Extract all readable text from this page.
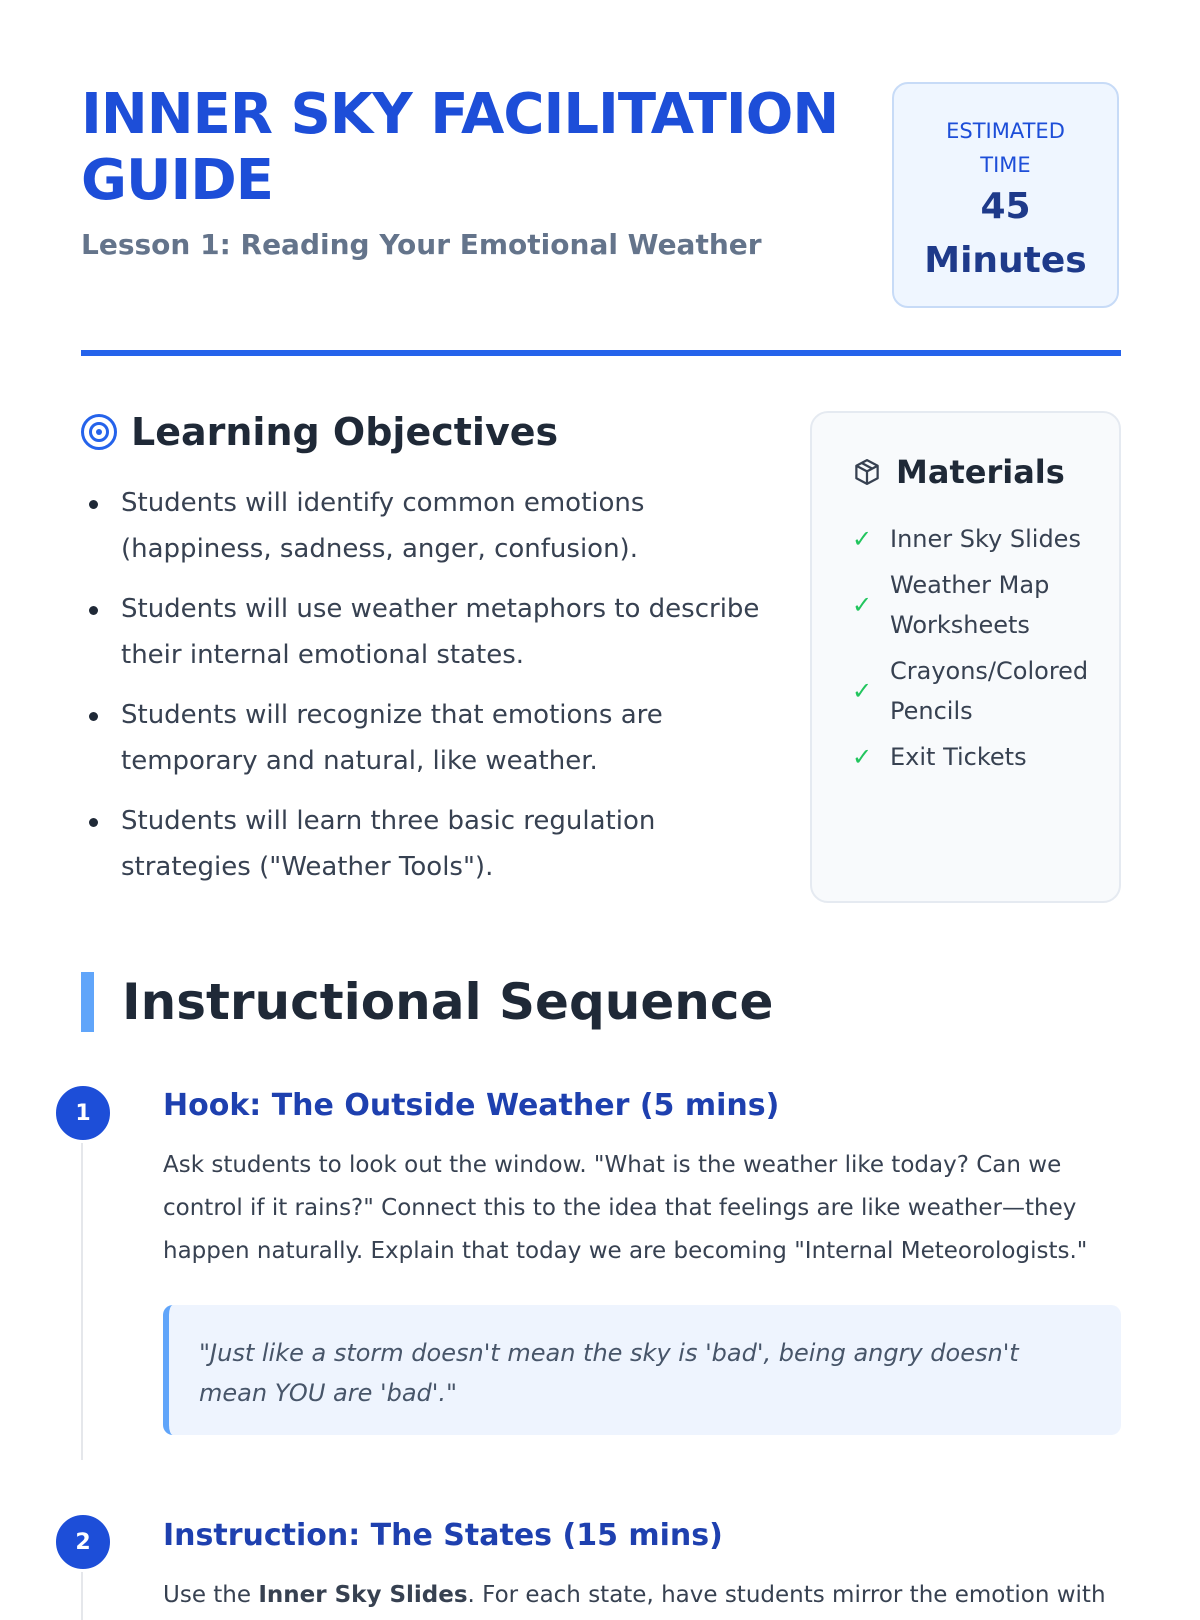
INNER SKY FACILITATION GUIDE

Lesson 1: Reading Your Emotional Weather

ESTIMATED TIME
45 Minutes
Learning Objectives
Students will identify common emotions (happiness, sadness, anger, confusion).
Students will use weather metaphors to describe their internal emotional states.
Students will recognize that emotions are temporary and natural, like weather.
Students will learn three basic regulation strategies ("Weather Tools").
Materials
✓ Inner Sky Slides
✓
Weather Map Worksheets
✓
Crayons/Colored Pencils
✓ Exit Tickets
Instructional Sequence
1	Hook: The Outside Weather (5 mins)

Ask students to look out the window. "What is the weather like today? Can we control if it rains?" Connect this to the idea that feelings are like weather—they happen naturally. Explain that today we are becoming "Internal Meteorologists."

"Just like a storm doesn't mean the sky is 'bad', being angry doesn't mean YOU are 'bad'."
2	Instruction: The States (15 mins)

Use the Inner Sky Slides. For each state, have students mirror the emotion with
